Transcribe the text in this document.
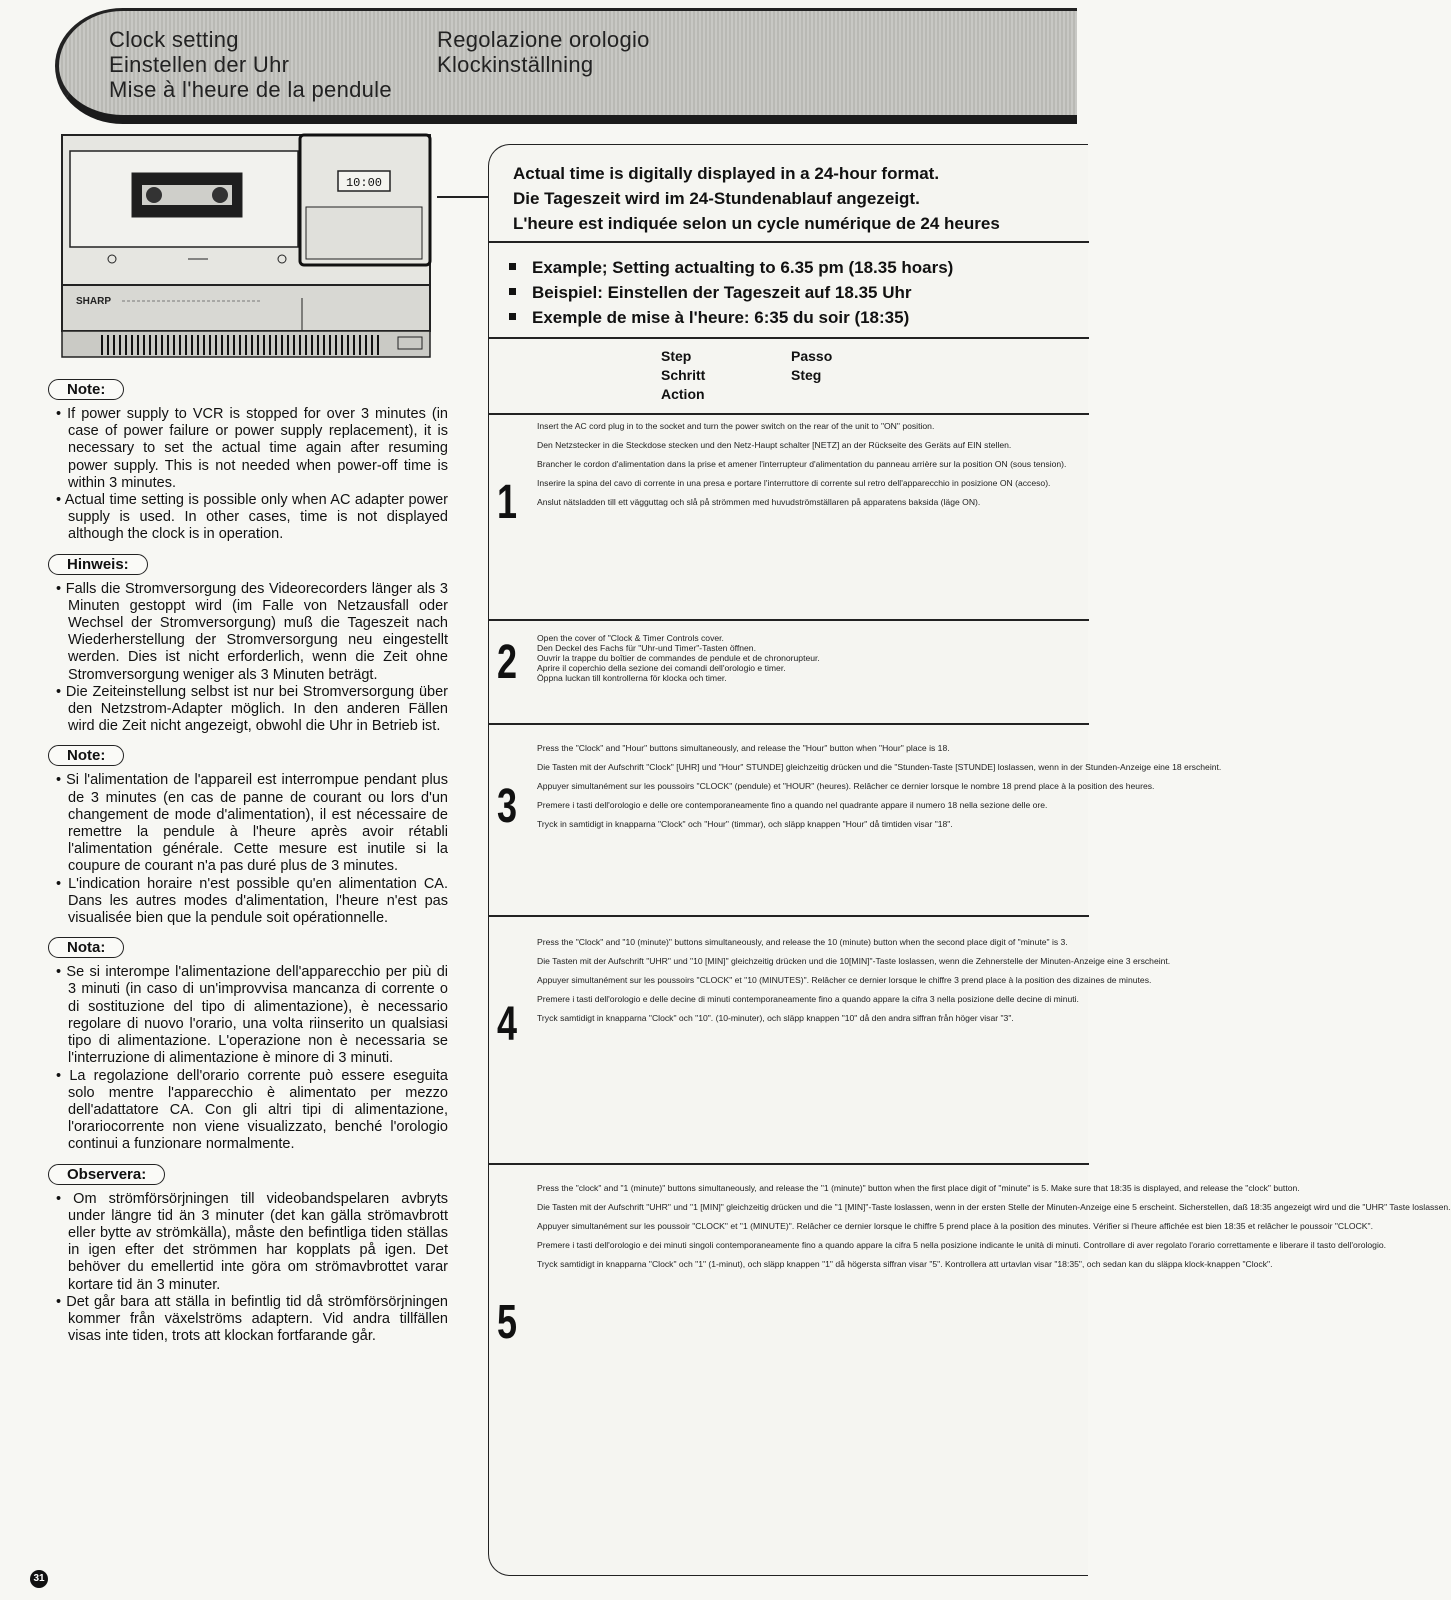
Clock setting
Einstellen der Uhr
Mise à l'heure de la pendule
Regolazione orologio
Klockinställning
10:00
SHARP
Note:

• If power supply to VCR is stopped for over 3 minutes (in case of power failure or power supply replacement), it is necessary to set the actual time again after resuming power supply. This is not needed when power-off time is within 3 minutes.

• Actual time setting is possible only when AC adapter power supply is used. In other cases, time is not displayed although the clock is in operation.

Hinweis:

• Falls die Stromversorgung des Videorecorders länger als 3 Minuten gestoppt wird (im Falle von Netzausfall oder Wechsel der Stromversorgung) muß die Tageszeit nach Wiederherstellung der Stromversorgung neu eingestellt werden. Dies ist nicht erforderlich, wenn die Zeit ohne Stromversorgung weniger als 3 Minuten beträgt.

• Die Zeiteinstellung selbst ist nur bei Stromversorgung über den Netzstrom-Adapter möglich. In den anderen Fällen wird die Zeit nicht angezeigt, obwohl die Uhr in Betrieb ist.

Note:

• Si l'alimentation de l'appareil est interrompue pendant plus de 3 minutes (en cas de panne de courant ou lors d'un changement de mode d'alimentation), il est nécessaire de remettre la pendule à l'heure après avoir rétabli l'alimentation générale. Cette mesure est inutile si la coupure de courant n'a pas duré plus de 3 minutes.

• L'indication horaire n'est possible qu'en alimentation CA. Dans les autres modes d'alimentation, l'heure n'est pas visualisée bien que la pendule soit opérationnelle.

Nota:

• Se si interompe l'alimentazione dell'apparecchio per più di 3 minuti (in caso di un'improvvisa mancanza di corrente o di sostituzione del tipo di alimentazione), è necessario regolare di nuovo l'orario, una volta riinserito un qualsiasi tipo di alimentazione. L'operazione non è necessaria se l'interruzione di alimentazione è minore di 3 minuti.

• La regolazione dell'orario corrente può essere eseguita solo mentre l'apparecchio è alimentato per mezzo dell'adattatore CA. Con gli altri tipi di alimentazione, l'orariocorrente non viene visualizzato, benché l'orologio continui a funzionare normalmente.

Observera:

• Om strömförsörjningen till videobandspelaren avbryts under längre tid än 3 minuter (det kan gälla strömavbrott eller bytte av strömkälla), måste den befintliga tiden ställas in igen efter det strömmen har kopplats på igen. Det behöver du emellertid inte göra om strömavbrottet varar kortare tid än 3 minuter.

• Det går bara att ställa in befintlig tid då strömförsörjningen kommer från växelströms adaptern. Vid andra tillfällen visas inte tiden, trots att klockan fortfarande går.

31
Actual time is digitally displayed in a 24-hour format.
Die Tageszeit wird im 24-Stundenablauf angezeigt.
L'heure est indiquée selon un cycle numérique de 24 heures
Example; Setting actualting to 6.35 pm (18.35 hoars)
Beispiel: Einstellen der Tageszeit auf 18.35 Uhr
Exemple de mise à l'heure: 6:35 du soir (18:35)
Step
Schritt
Action
Passo
Steg
1
Insert the AC cord plug in to the socket and turn the power switch on the rear of the unit to "ON" position.
Den Netzstecker in die Steckdose stecken und den Netz-Haupt schalter [NETZ] an der Rückseite des Geräts auf EIN stellen.
Brancher le cordon d'alimentation dans la prise et amener l'interrupteur d'alimentation du panneau arrière sur la position ON (sous tension).
Inserire la spina del cavo di corrente in una presa e portare l'interruttore di corrente sul retro dell'apparecchio in posizione ON (acceso).
Anslut nätsladden till ett vägguttag och slå på strömmen med huvudströmställaren på apparatens baksida (läge ON).
2 Open the cover of "Clock & Timer Controls cover.
Den Deckel des Fachs für "Uhr-und Timer"-Tasten öffnen.
Ouvrir la trappe du boîtier de commandes de pendule et de chronorupteur.
Aprire il coperchio della sezione dei comandi dell'orologio e timer.
Öppna luckan till kontrollerna för klocka och timer.
3
Press the "Clock" and "Hour" buttons simultaneously, and release the "Hour" button when "Hour" place is 18.
Die Tasten mit der Aufschrift "Clock" [UHR] und "Hour" STUNDE] gleichzeitig drücken und die "Stunden-Taste [STUNDE] loslassen, wenn in der Stunden-Anzeige eine 18 erscheint.
Appuyer simultanément sur les poussoirs "CLOCK" (pendule) et "HOUR" (heures). Relâcher ce dernier lorsque le nombre 18 prend place à la position des heures.
Premere i tasti dell'orologio e delle ore contemporaneamente fino a quando nel quadrante appare il numero 18 nella sezione delle ore.
Tryck in samtidigt in knapparna "Clock" och "Hour" (timmar), och släpp knappen "Hour" då timtiden visar "18".
4
Press the "Clock" and "10 (minute)" buttons simultaneously, and release the 10 (minute) button when the second place digit of "minute" is 3.
Die Tasten mit der Aufschrift "UHR" und "10 [MIN]" gleichzeitig drücken und die 10[MIN]"-Taste loslassen, wenn die Zehnerstelle der Minuten-Anzeige eine 3 erscheint.
Appuyer simultanément sur les poussoirs "CLOCK" et "10 (MINUTES)". Relâcher ce dernier lorsque le chiffre 3 prend place à la position des dizaines de minutes.
Premere i tasti dell'orologio e delle decine di minuti contemporaneamente fino a quando appare la cifra 3 nella posizione delle decine di minuti.
Tryck samtidigt in knapparna "Clock" och "10". (10-minuter), och släpp knappen "10" då den andra siffran från höger visar "3".
5
Press the "clock" and "1 (minute)" buttons simultaneously, and release the "1 (minute)" button when the first place digit of "minute" is 5. Make sure that 18:35 is displayed, and release the "clock" button.
Die Tasten mit der Aufschrift "UHR" und "1 [MIN]" gleichzeitig drücken und die "1 [MIN]"-Taste loslassen, wenn in der ersten Stelle der Minuten-Anzeige eine 5 erscheint. Sicherstellen, daß 18:35 angezeigt wird und die "UHR" Taste loslassen.
Appuyer simultanément sur les poussoir "CLOCK" et "1 (MINUTE)". Relâcher ce dernier lorsque le chiffre 5 prend place à la position des minutes. Vérifier si l'heure affichée est bien 18:35 et relâcher le poussoir "CLOCK".
Premere i tasti dell'orologio e dei minuti singoli contemporaneamente fino a quando appare la cifra 5 nella posizione indicante le unità di minuti. Controllare di aver regolato l'orario correttamente e liberare il tasto dell'orologio.
Tryck samtidigt in knapparna "Clock" och "1" (1-minut), och släpp knappen "1" då högersta siffran visar "5". Kontrollera att urtavlan visar "18:35", och sedan kan du släppa klock-knappen "Clock".
